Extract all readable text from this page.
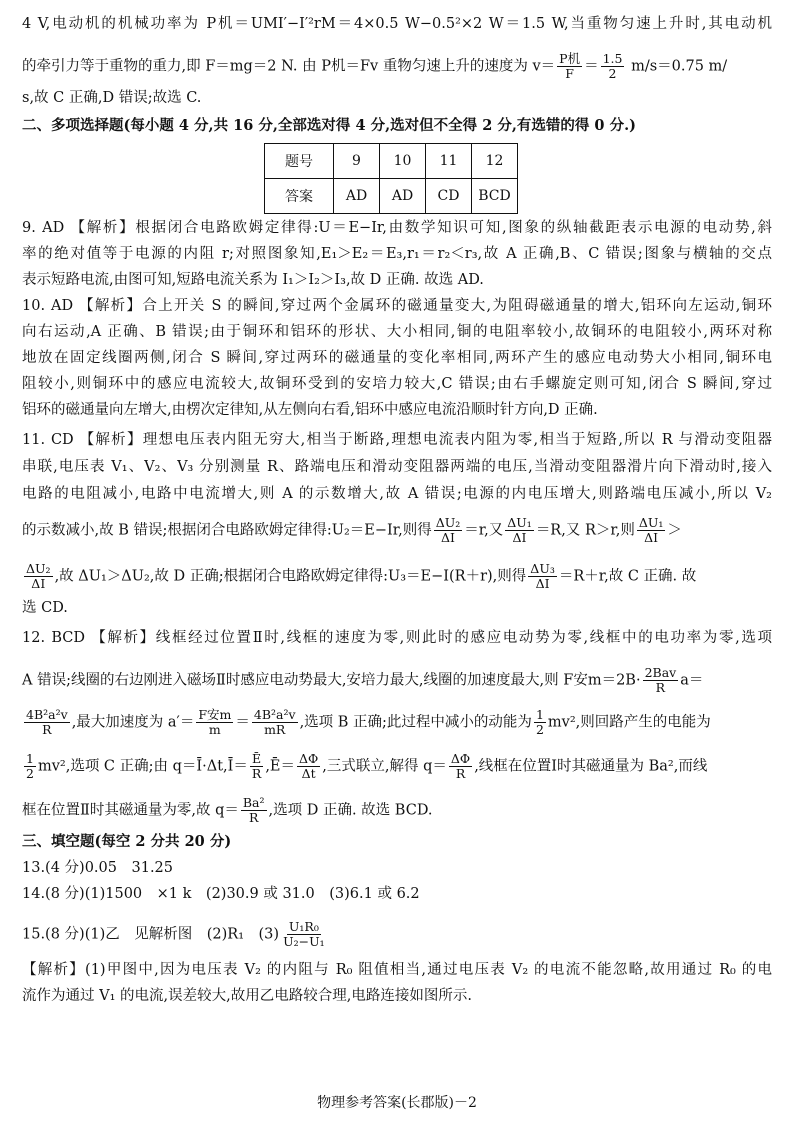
4 V,电动机的机械功率为 P机＝UMI′−I′²rM＝4×0.5 W−0.5²×2 W＝1.5 W,当重物匀速上升时,其电动机
的牵引力等于重物的重力,即 F＝mg＝2 N. 由 P机＝Fv 重物匀速上升的速度为 $v= \frac{\text{P机}}{F} = \frac{1.5}{2} m/s=0.75$ m/
s,故 C 正确,D 错误;故选 C.
二、多项选择题(每小题 4 分,共 16 分,全部选对得 4 分,选对但不全得 2 分,有选错的得 0 分.)
题号	9	10	11	12
答案	AD	AD	CD	BCD
9. AD 【解析】根据闭合电路欧姆定律得:U＝E−Ir,由数学知识可知,图象的纵轴截距表示电源的电动势,斜
率的绝对值等于电源的内阻 r;对照图象知,E₁＞E₂＝E₃,r₁＝r₂＜r₃,故 A 正确,B、C 错误;图象与横轴的交点
表示短路电流,由图可知,短路电流关系为 I₁＞I₂＞I₃,故 D 正确. 故选 AD.
10. AD 【解析】合上开关 S 的瞬间,穿过两个金属环的磁通量变大,为阻碍磁通量的增大,铝环向左运动,铜环
向右运动,A 正确、B 错误;由于铜环和铝环的形状、大小相同,铜的电阻率较小,故铜环的电阻较小,两环对称
地放在固定线圈两侧,闭合 S 瞬间,穿过两环的磁通量的变化率相同,两环产生的感应电动势大小相同,铜环电
阻较小,则铜环中的感应电流较大,故铜环受到的安培力较大,C 错误;由右手螺旋定则可知,闭合 S 瞬间,穿过
铝环的磁通量向左增大,由楞次定律知,从左侧向右看,铝环中感应电流沿顺时针方向,D 正确.
11. CD 【解析】理想电压表内阻无穷大,相当于断路,理想电流表内阻为零,相当于短路,所以 R 与滑动变阻器
串联,电压表 V₁、V₂、V₃ 分别测量 R、路端电压和滑动变阻器两端的电压,当滑动变阻器滑片向下滑动时,接入
电路的电阻减小,电路中电流增大,则 A 的示数增大,故 A 错误;电源的内电压增大,则路端电压减小,所以 V₂
的示数减小,故 B 错误;根据闭合电路欧姆定律得:U₂＝E−Ir,则得 $\frac{\text{ΔU₂}}{\Delta I} =r$,又 $\frac{\text{ΔU₁}}{\Delta I} =R$,又 R＞r,则 $\frac{\text{ΔU₁}}{\Delta I}$ ＞
$\frac{\text{ΔU₂}}{\Delta I}$ ,故 ΔU₁＞ΔU₂,故 D 正确;根据闭合电路欧姆定律得:U₃＝E−I(R＋r),则得 $\frac{\text{ΔU₃}}{\Delta I} =R+r$,故 C 正确. 故
选 CD.
12. BCD 【解析】线框经过位置Ⅱ时,线框的速度为零,则此时的感应电动势为零,线框中的电功率为零,选项
A 错误;线圈的右边刚进入磁场Ⅱ时感应电动势最大,安培力最大,线圈的加速度最大,则 F安$m=2B\cdot \frac{\text{2Bav}}{R} a=$
$\frac{\text{4B²a²v}}{R}$ ,最大加速度为 $a'= \frac{\text{F安m}}{m} = \frac{\text{4B²a²v}}{mR}$ ,选项 B 正确;此过程中减小的动能为 $\frac{1}{2} mv^2$,则回路产生的电能为
$\frac{1}{2} mv^2$,选项 C 正确;由 q＝Ī·Δt,Ī＝ $\frac{Ē}{R}$ ,Ē＝ $\frac{\Delta\Phi}{\Delta t}$ ,三式联立,解得 $q= \frac{\Delta\Phi}{R}$ ,线框在位置Ⅰ时其磁通量为 Ba²,而线
框在位置Ⅱ时其磁通量为零,故 $q= \frac{\text{Ba²}}{R}$ ,选项 D 正确. 故选 BCD.
三、填空题(每空 2 分共 20 分)
13.(4 分)0.05　31.25
14.(8 分)(1)1500　×1 k　(2)30.9 或 31.0　(3)6.1 或 6.2
15.(8 分)(1)乙　见解析图　(2)R₁　$(3) \frac{\text{U₁R₀}}{\text{U₂−U₁}}$
【解析】(1)甲图中,因为电压表 V₂ 的内阻与 R₀ 阻值相当,通过电压表 V₂ 的电流不能忽略,故用通过 R₀ 的电
流作为通过 V₁ 的电流,误差较大,故用乙电路较合理,电路连接如图所示.
物理参考答案(长郡版)－2
